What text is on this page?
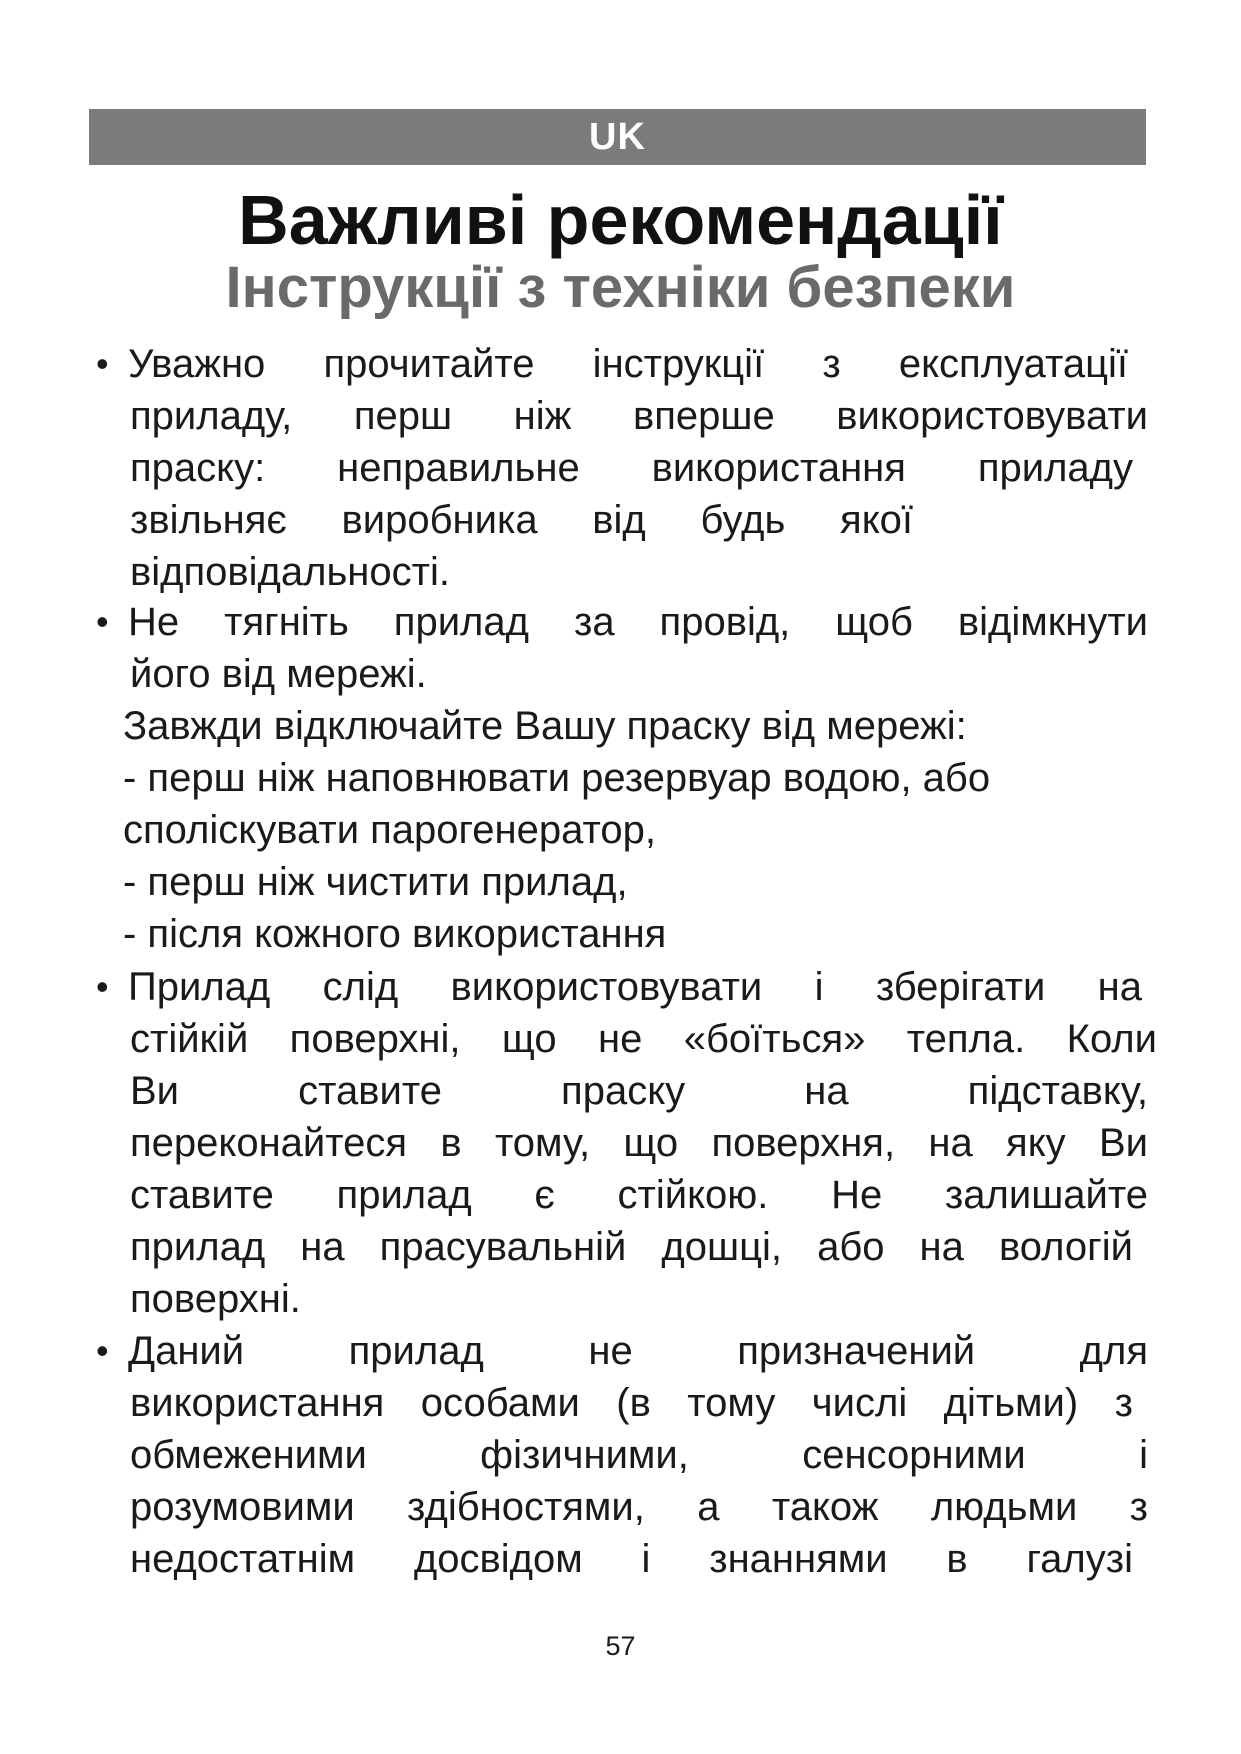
UK
Важливі рекомендації
Інструкції з техніки безпеки
• Уважно прочитайте інструкції з експлуатації
приладу, перш ніж вперше використовувати
праску: неправильне використання приладу
звільняє виробника від будь якої
відповідальності.
• Не тягніть прилад за провід, щоб відімкнути
його від мережі.
Завжди відключайте Вашу праску від мережі:
- перш ніж наповнювати резервуар водою, або
споліскувати парогенератор,
- перш ніж чистити прилад,
- після кожного використання
• Прилад слід використовувати і зберігати на
стійкій поверхні, що не «боїться» тепла. Коли
Ви ставите праску на підставку,
переконайтеся в тому, що поверхня, на яку Ви
ставите прилад є стійкою. Не залишайте
прилад на прасувальній дошці, або на вологій
поверхні.
• Даний прилад не призначений для
використання особами (в тому числі дітьми) з
обмеженими фізичними, сенсорними і
розумовими здібностями, а також людьми з
недостатнім досвідом і знаннями в галузі
57
